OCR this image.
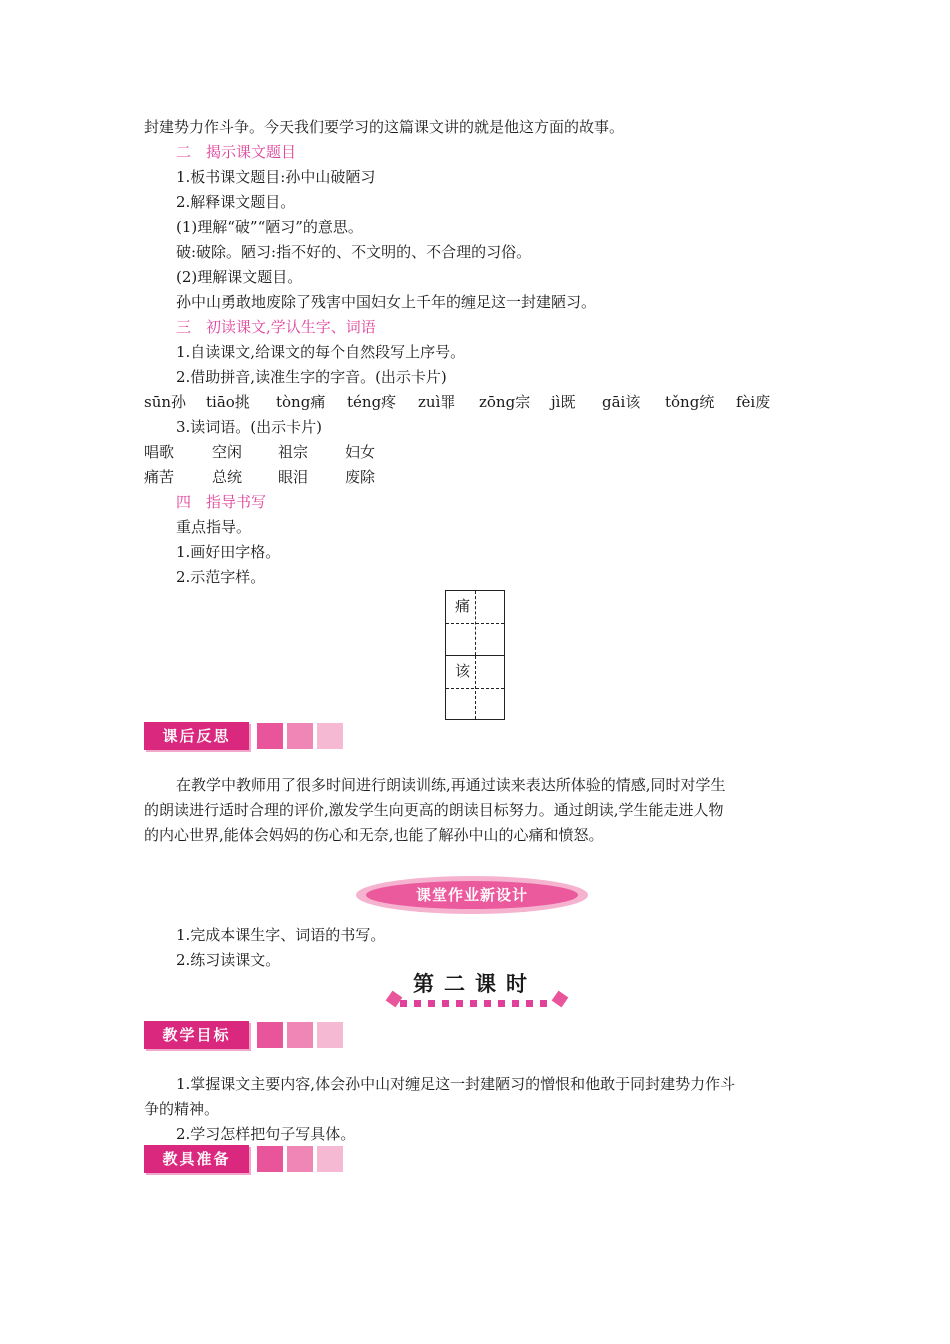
封建势力作斗争。今天我们要学习的这篇课文讲的就是他这方面的故事。
二　揭示课文题目
1.板书课文题目:孙中山破陋习
2.解释课文题目。
(1)理解“破”“陋习”的意思。
破:破除。陋习:指不好的、不文明的、不合理的习俗。
(2)理解课文题目。
孙中山勇敢地废除了残害中国妇女上千年的缠足这一封建陋习。
三　初读课文,学认生字、词语
1.自读课文,给课文的每个自然段写上序号。
2.借助拼音,读准生字的字音。(出示卡片)
sūn孙 tiāo挑 tòng痛 téng疼 zuì罪 zōng宗 jì既 gāi该 tǒng统 fèi废
3.读词语。(出示卡片)
唱歌	空闲 祖宗 妇女
痛苦	总统 眼泪 废除
四　指导书写
重点指导。
1.画好田字格。
2.示范字样。
痛
该
课后反思
在教学中教师用了很多时间进行朗读训练,再通过读来表达所体验的情感,同时对学生
的朗读进行适时合理的评价,激发学生向更高的朗读目标努力。通过朗读,学生能走进人物
的内心世界,能体会妈妈的伤心和无奈,也能了解孙中山的心痛和愤怒。
课堂作业新设计
1.完成本课生字、词语的书写。
2.练习读课文。
第二课时
教学目标
1.掌握课文主要内容,体会孙中山对缠足这一封建陋习的憎恨和他敢于同封建势力作斗
争的精神。
2.学习怎样把句子写具体。
教具准备
